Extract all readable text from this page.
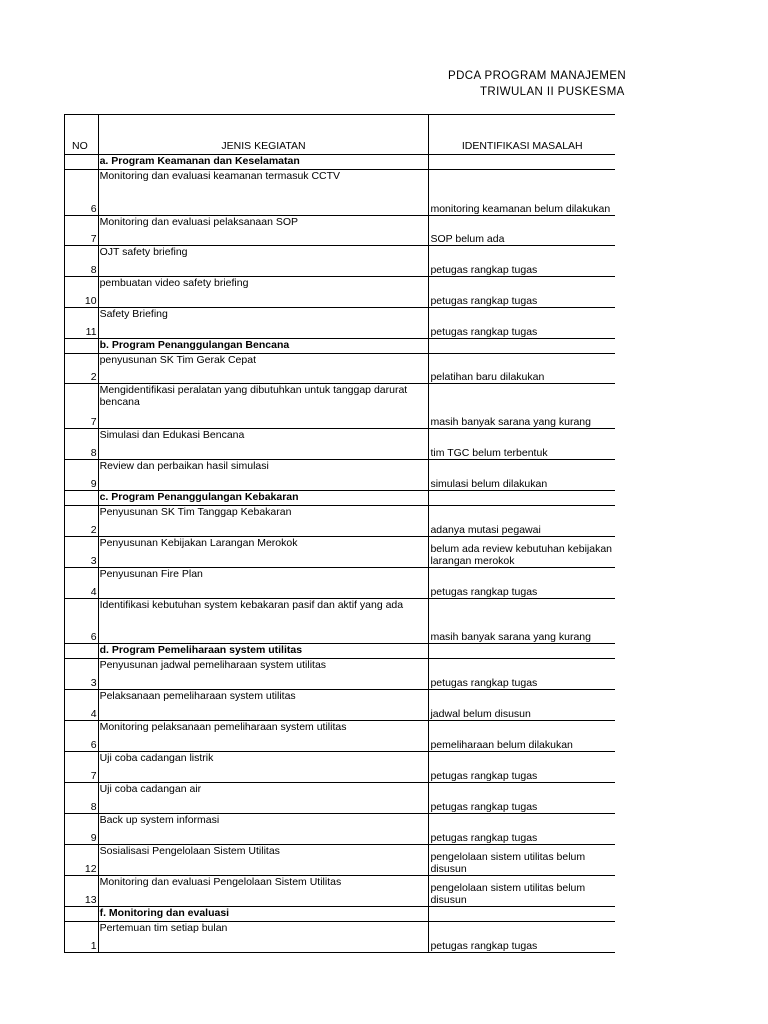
PDCA PROGRAM MANAJEMEN
TRIWULAN II PUSKESMA
NO	JENIS KEGIATAN	IDENTIFIKASI MASALAH
	a. Program Keamanan dan Keselamatan	
6	Monitoring dan evaluasi keamanan termasuk CCTV	monitoring keamanan belum dilakukan
7	Monitoring dan evaluasi pelaksanaan SOP	SOP belum ada
8	OJT safety briefing	petugas rangkap tugas
10	pembuatan video safety briefing	petugas rangkap tugas
11	Safety Briefing	petugas rangkap tugas
	b. Program Penanggulangan Bencana	
2	penyusunan SK Tim Gerak Cepat	pelatihan baru dilakukan
7	Mengidentifikasi peralatan yang dibutuhkan untuk tanggap darurat bencana	masih banyak sarana yang kurang
8	Simulasi dan Edukasi Bencana	tim TGC belum terbentuk
9	Review dan perbaikan hasil simulasi	simulasi belum dilakukan
	c. Program Penanggulangan Kebakaran	
2	Penyusunan SK Tim Tanggap Kebakaran	adanya mutasi pegawai
3	Penyusunan Kebijakan Larangan Merokok	belum ada review kebutuhan kebijakan larangan merokok
4	Penyusunan Fire Plan	petugas rangkap tugas
6	Identifikasi kebutuhan system kebakaran pasif dan aktif yang ada	masih banyak sarana yang kurang
	d. Program Pemeliharaan system utilitas	
3	Penyusunan jadwal pemeliharaan system utilitas	petugas rangkap tugas
4	Pelaksanaan pemeliharaan system utilitas	jadwal belum disusun
6	Monitoring pelaksanaan pemeliharaan system utilitas	pemeliharaan belum dilakukan
7	Uji coba cadangan listrik	petugas rangkap tugas
8	Uji coba cadangan air	petugas rangkap tugas
9	Back up system informasi	petugas rangkap tugas
12	Sosialisasi Pengelolaan Sistem Utilitas	pengelolaan sistem utilitas belum disusun
13	Monitoring dan evaluasi Pengelolaan Sistem Utilitas	pengelolaan sistem utilitas belum disusun
	f. Monitoring dan evaluasi	
1	Pertemuan tim setiap bulan	petugas rangkap tugas
